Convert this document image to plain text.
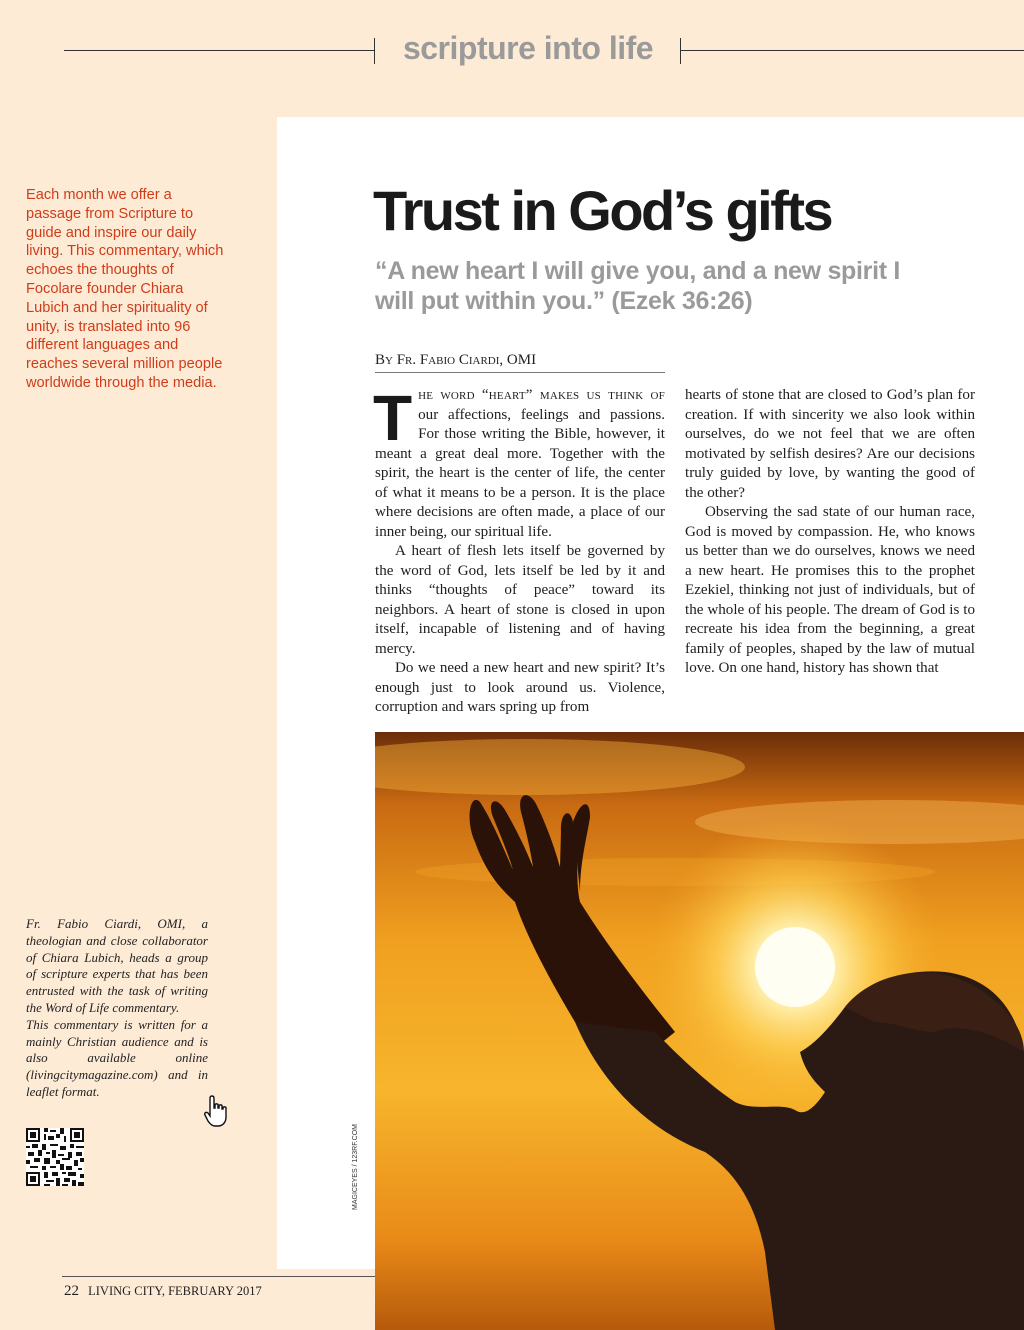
scripture into life
Each month we offer a passage from Scripture to guide and inspire our daily living. This commentary, which echoes the thoughts of Focolare founder Chiara Lubich and her spirituality of unity, is translated into 96 different languages and reaches several million people worldwide through the media.
Trust in God’s gifts
“A new heart I will give you, and a new spirit I will put within you.” (Ezek 36:26)
By Fr. Fabio Ciardi, OMI

The word “heart” makes us think of our affections, feelings and passions. For those writing the Bible, however, it meant a great deal more. Together with the spirit, the heart is the center of life, the center of what it means to be a person. It is the place where decisions are often made, a place of our inner being, our spiritual life.

A heart of flesh lets itself be governed by the word of God, lets itself be led by it and thinks “thoughts of peace” toward its neighbors. A heart of stone is closed in upon itself, incapable of listening and of having mercy.

Do we need a new heart and new spirit? It’s enough just to look around us. Violence, corruption and wars spring up from

hearts of stone that are closed to God’s plan for creation. If with sincerity we also look within ourselves, do we not feel that we are often motivated by selfish desires? Are our decisions truly guided by love, by wanting the good of the other?

Observing the sad state of our human race, God is moved by compassion. He, who knows us better than we do ourselves, knows we need a new heart. He promises this to the prophet Ezekiel, thinking not just of individuals, but of the whole of his people. The dream of God is to recreate his idea from the beginning, a great family of peoples, shaped by the law of mutual love. On one hand, history has shown that

MAGICEYES / 123RF.COM

Fr. Fabio Ciardi, OMI, a theologian and close collaborator of Chiara Lubich, heads a group of scripture experts that has been entrusted with the task of writing the Word of Life commentary.

This commentary is written for a mainly Christian audience and is also available online (livingcitymagazine.com) and in leaflet format.

22 LIVING CITY, FEBRUARY 2017
